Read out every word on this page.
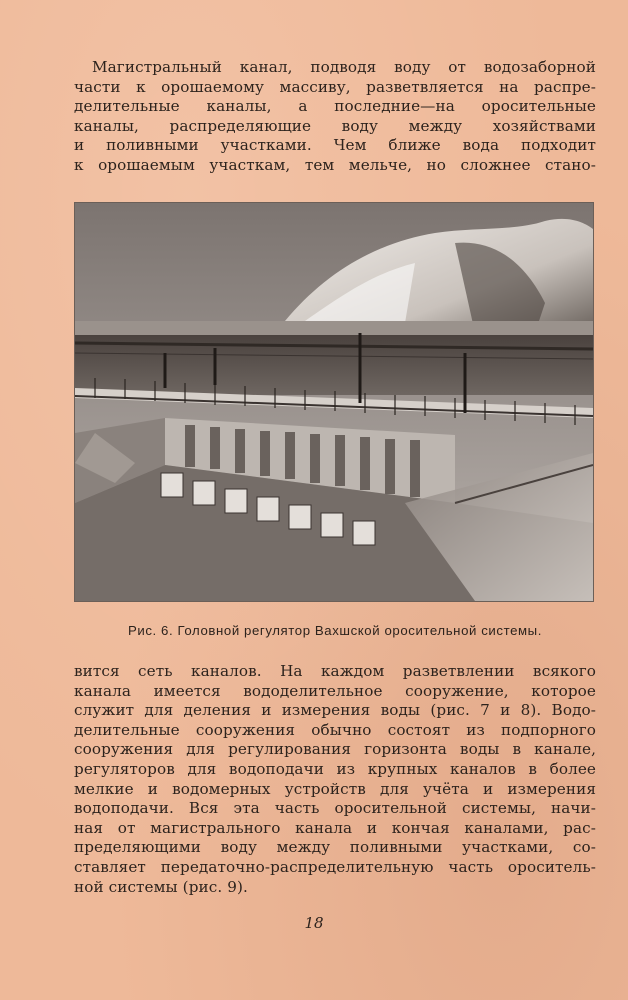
Магистральный канал, подводя воду от водозаборной
части к орошаемому массиву, разветвляется на распре-
делительные каналы, а последние—на оросительные
каналы, распределяющие воду между хозяйствами
и поливными участками. Чем ближе вода подходит
к орошаемым участкам, тем мельче, но сложнее стано-

Рис. 6. Головной регулятор Вахшской оросительной системы.

вится сеть каналов. На каждом разветвлении всякого
канала имеется вододелительное сооружение, которое
служит для деления и измерения воды (рис. 7 и 8). Водо-
делительные сооружения обычно состоят из подпорного
сооружения для регулирования горизонта воды в канале,
регуляторов для водоподачи из крупных каналов в более
мелкие и водомерных устройств для учёта и измерения
водоподачи. Вся эта часть оросительной системы, начи-
ная от магистрального канала и кончая каналами, рас-
пределяющими воду между поливными участками, со-
ставляет передаточно-распределительную часть ороситель-
ной системы (рис. 9).

18
